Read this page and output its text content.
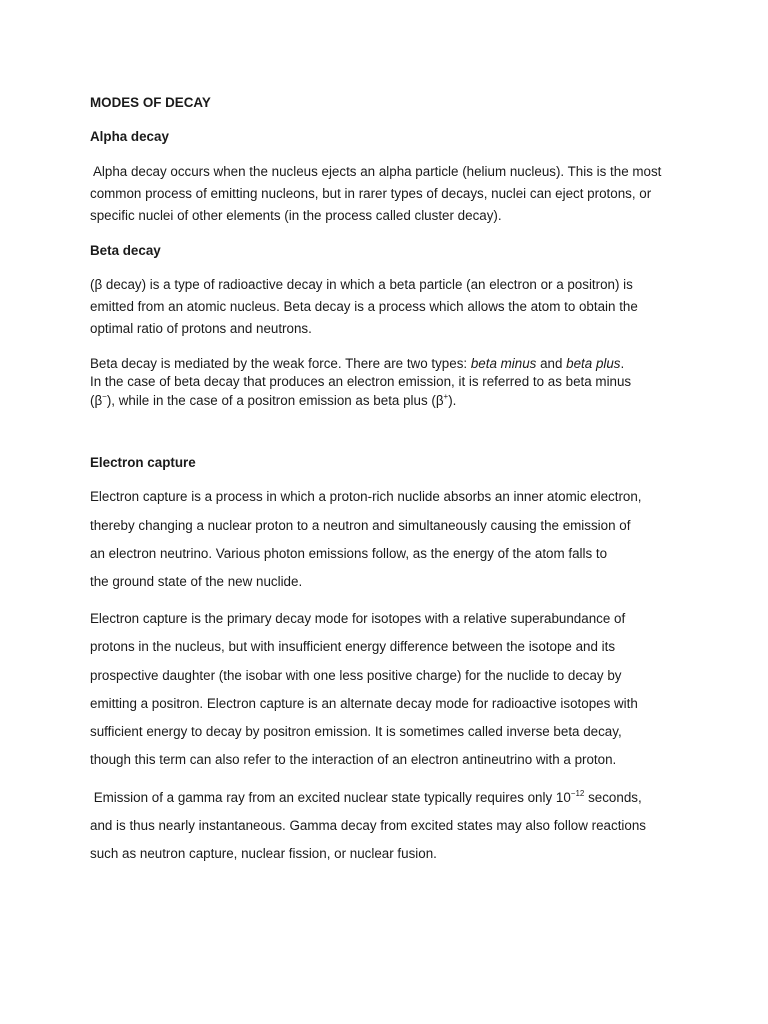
MODES OF DECAY
Alpha decay
Alpha decay occurs when the nucleus ejects an alpha particle (helium nucleus). This is the most
common process of emitting nucleons, but in rarer types of decays, nuclei can eject protons, or
specific nuclei of other elements (in the process called cluster decay).
Beta decay
(β decay) is a type of radioactive decay in which a beta particle (an electron or a positron) is
emitted from an atomic nucleus. Beta decay is a process which allows the atom to obtain the
optimal ratio of protons and neutrons.
Beta decay is mediated by the weak force. There are two types: beta minus and beta plus.
In the case of beta decay that produces an electron emission, it is referred to as beta minus
(β−), while in the case of a positron emission as beta plus (β+).
Electron capture
Electron capture is a process in which a proton-rich nuclide absorbs an inner atomic electron,
thereby changing a nuclear proton to a neutron and simultaneously causing the emission of
an electron neutrino. Various photon emissions follow, as the energy of the atom falls to
the ground state of the new nuclide.
Electron capture is the primary decay mode for isotopes with a relative superabundance of
protons in the nucleus, but with insufficient energy difference between the isotope and its
prospective daughter (the isobar with one less positive charge) for the nuclide to decay by
emitting a positron. Electron capture is an alternate decay mode for radioactive isotopes with
sufficient energy to decay by positron emission. It is sometimes called inverse beta decay,
though this term can also refer to the interaction of an electron antineutrino with a proton.
Emission of a gamma ray from an excited nuclear state typically requires only $10^{-12}$ seconds,
and is thus nearly instantaneous. Gamma decay from excited states may also follow reactions
such as neutron capture, nuclear fission, or nuclear fusion.
